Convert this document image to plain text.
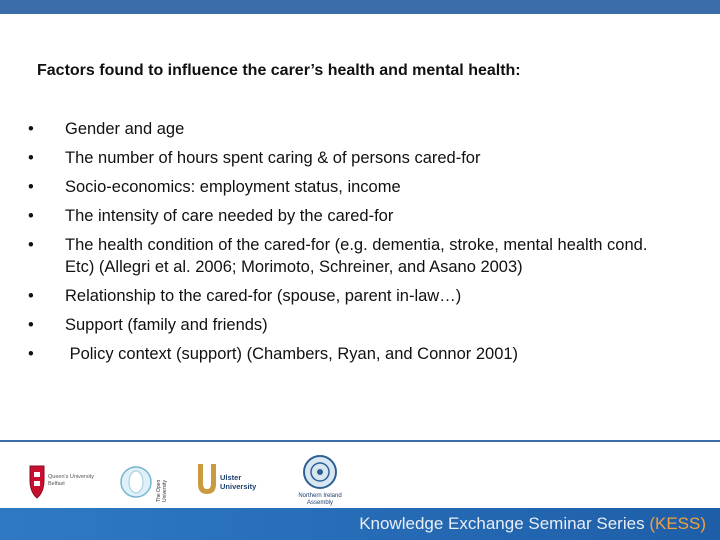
Factors found to influence the carer’s health and mental health:
• Gender and age
• The number of hours spent caring & of persons cared-for
• Socio-economics: employment status, income
• The intensity of care needed by the cared-for
• The health condition of the cared-for (e.g. dementia, stroke, mental health cond. Etc) (Allegri et al. 2006; Morimoto, Schreiner, and Asano 2003)
• Relationship to the cared-for (spouse, parent in-law…)
• Support (family and friends)
• Policy context (support) (Chambers, Ryan, and Connor 2001)
Queen's University
Belfast	The Open University
Ulster
University
Northern Ireland
Assembly
Knowledge Exchange Seminar Series (KESS)
